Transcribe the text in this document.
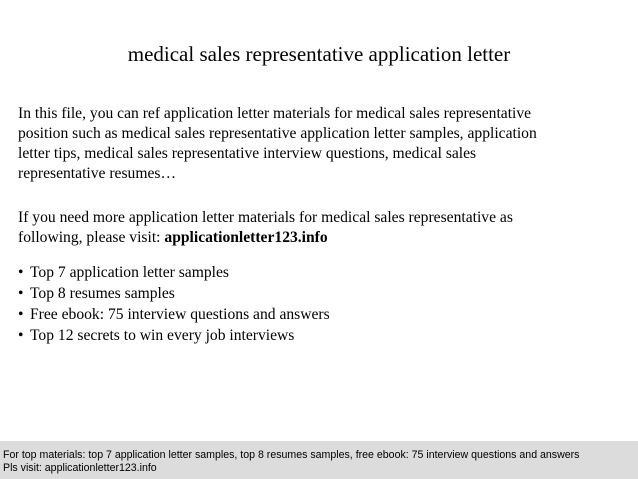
medical sales representative application letter
In this file, you can ref application letter materials for medical sales representative
position such as medical sales representative application letter samples, application
letter tips, medical sales representative interview questions, medical sales
representative resumes…
If you need more application letter materials for medical sales representative as
following, please visit: applicationletter123.info
• Top 7 application letter samples
• Top 8 resumes samples
• Free ebook: 75 interview questions and answers
• Top 12 secrets to win every job interviews
For top materials: top 7 application letter samples, top 8 resumes samples, free ebook: 75 interview questions and answers
Pls visit: applicationletter123.info
